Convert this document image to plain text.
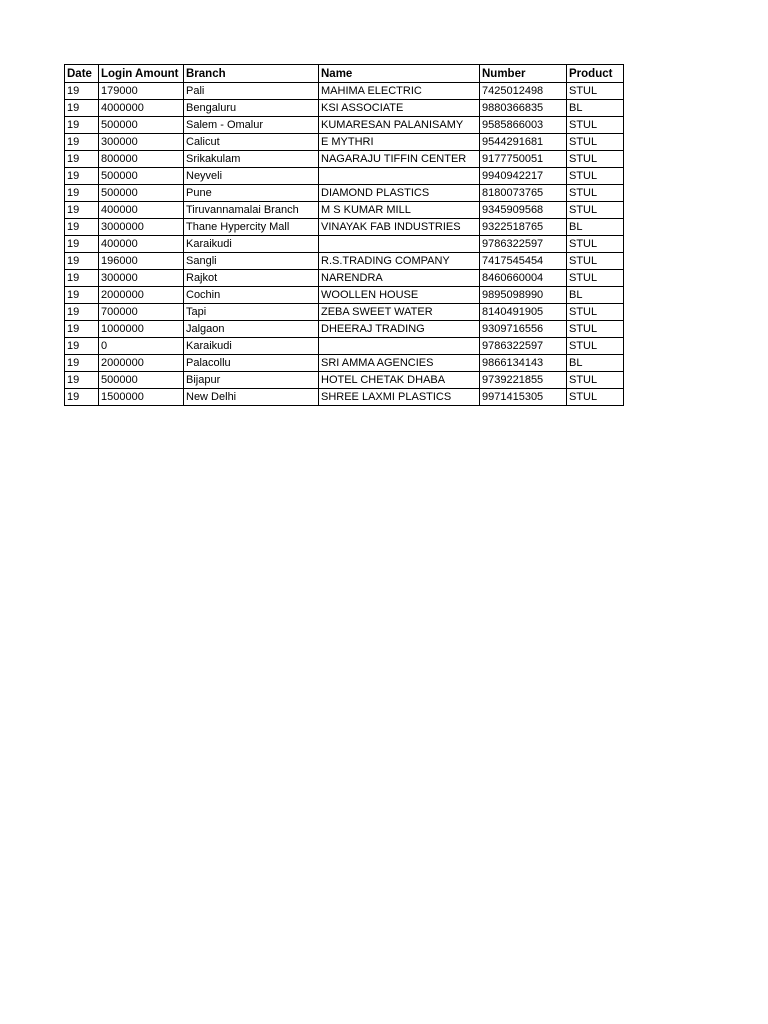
Date	Login Amount	Branch	Name	Number	Product
19	179000	Pali	MAHIMA ELECTRIC	7425012498	STUL
19	4000000	Bengaluru	KSI ASSOCIATE	9880366835	BL
19	500000	Salem - Omalur	KUMARESAN PALANISAMY	9585866003	STUL
19	300000	Calicut	E MYTHRI	9544291681	STUL
19	800000	Srikakulam	NAGARAJU TIFFIN CENTER	9177750051	STUL
19	500000	Neyveli		9940942217	STUL
19	500000	Pune	DIAMOND PLASTICS	8180073765	STUL
19	400000	Tiruvannamalai Branch	M S KUMAR MILL	9345909568	STUL
19	3000000	Thane Hypercity Mall	VINAYAK FAB INDUSTRIES	9322518765	BL
19	400000	Karaikudi		9786322597	STUL
19	196000	Sangli	R.S.TRADING COMPANY	7417545454	STUL
19	300000	Rajkot	NARENDRA	8460660004	STUL
19	2000000	Cochin	WOOLLEN HOUSE	9895098990	BL
19	700000	Tapi	ZEBA SWEET WATER	8140491905	STUL
19	1000000	Jalgaon	DHEERAJ TRADING	9309716556	STUL
19	0	Karaikudi		9786322597	STUL
19	2000000	Palacollu	SRI AMMA AGENCIES	9866134143	BL
19	500000	Bijapur	HOTEL CHETAK DHABA	9739221855	STUL
19	1500000	New Delhi	SHREE LAXMI PLASTICS	9971415305	STUL
